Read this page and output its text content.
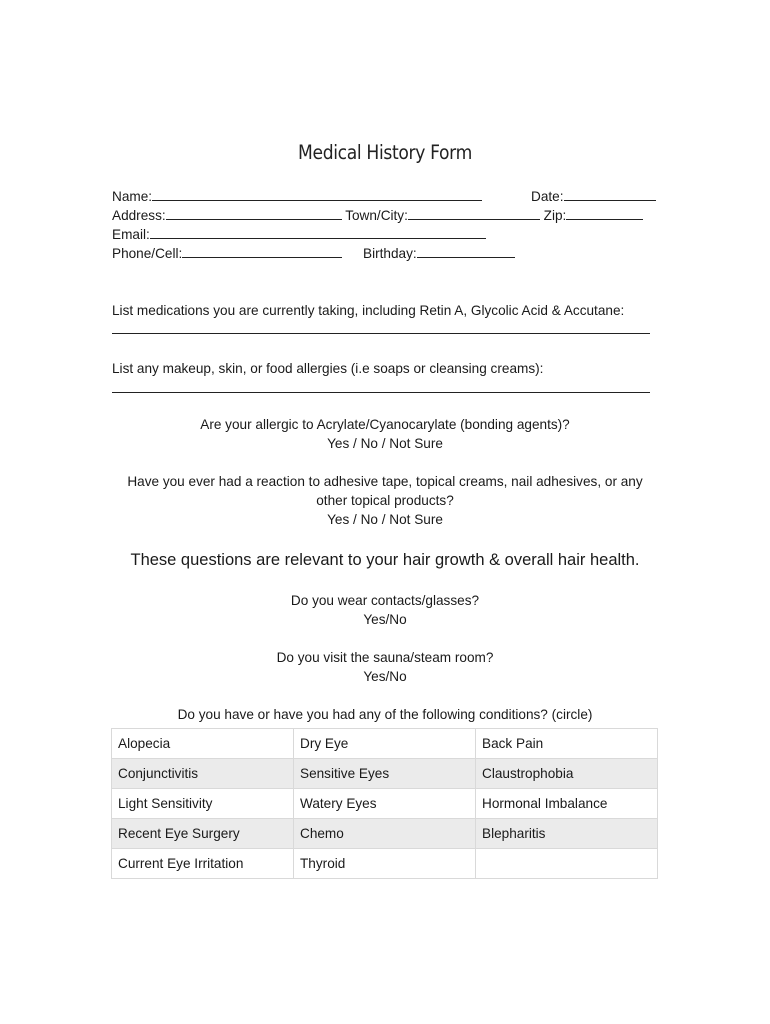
Medical History Form
Name:	Date:
Address:	Town/City:	Zip:
Email:
Phone/Cell:	Birthday:
List medications you are currently taking, including Retin A, Glycolic Acid & Accutane:
List any makeup, skin, or food allergies (i.e soaps or cleansing creams):
Are your allergic to Acrylate/Cyanocarylate (bonding agents)?
Yes / No / Not Sure
Have you ever had a reaction to adhesive tape, topical creams, nail adhesives, or any
other topical products?
Yes / No / Not Sure
These questions are relevant to your hair growth & overall hair health.
Do you wear contacts/glasses?
Yes/No
Do you visit the sauna/steam room?
Yes/No
Do you have or have you had any of the following conditions? (circle)
Alopecia	Dry Eye	Back Pain
Conjunctivitis	Sensitive Eyes	Claustrophobia
Light Sensitivity	Watery Eyes	Hormonal Imbalance
Recent Eye Surgery	Chemo	Blepharitis
Current Eye Irritation	Thyroid	
